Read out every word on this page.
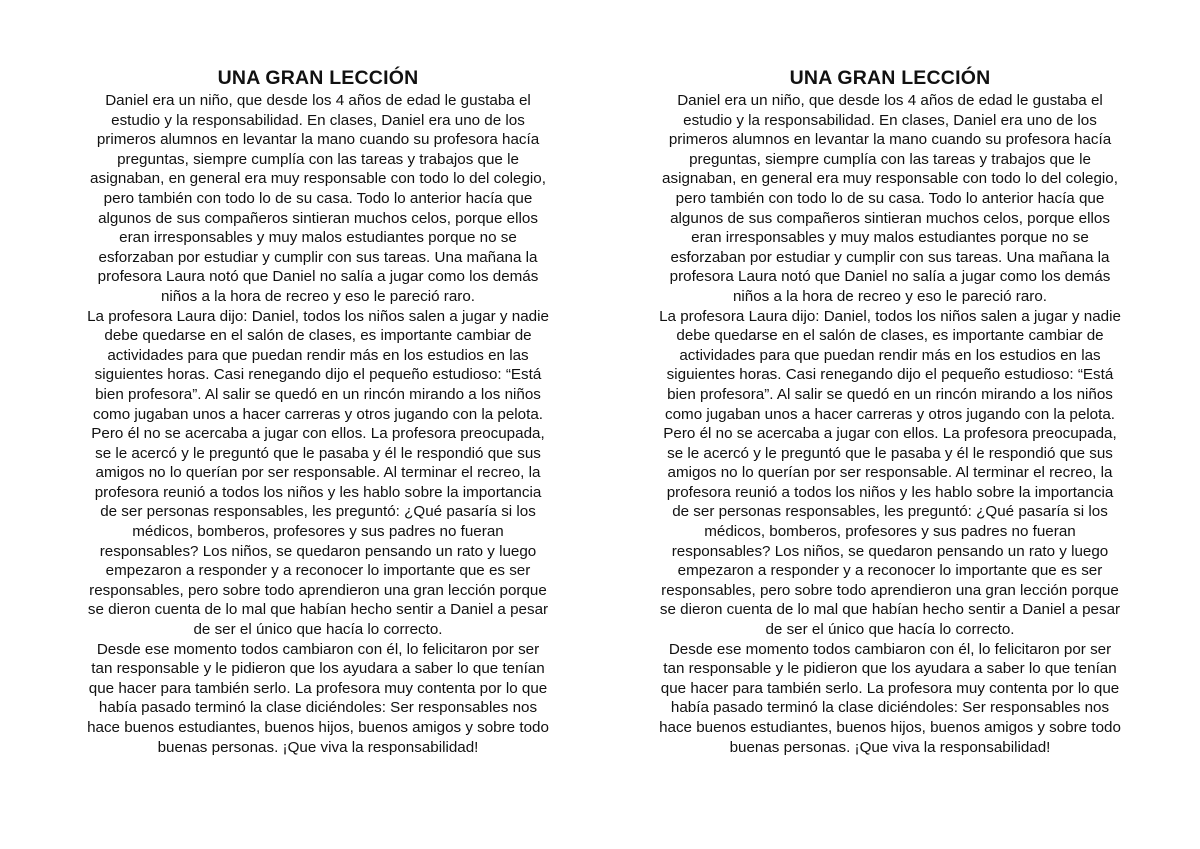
UNA GRAN LECCIÓN
Daniel era un niño, que desde los 4 años de edad le gustaba el
estudio y la responsabilidad. En clases, Daniel era uno de los
primeros alumnos en levantar la mano cuando su profesora hacía
preguntas, siempre cumplía con las tareas y trabajos que le
asignaban, en general era muy responsable con todo lo del colegio,
pero también con todo lo de su casa. Todo lo anterior hacía que
algunos de sus compañeros sintieran muchos celos, porque ellos
eran irresponsables y muy malos estudiantes porque no se
esforzaban por estudiar y cumplir con sus tareas. Una mañana la
profesora Laura notó que Daniel no salía a jugar como los demás
niños a la hora de recreo y eso le pareció raro.
La profesora Laura dijo: Daniel, todos los niños salen a jugar y nadie
debe quedarse en el salón de clases, es importante cambiar de
actividades para que puedan rendir más en los estudios en las
siguientes horas. Casi renegando dijo el pequeño estudioso: “Está
bien profesora”. Al salir se quedó en un rincón mirando a los niños
como jugaban unos a hacer carreras y otros jugando con la pelota.
Pero él no se acercaba a jugar con ellos. La profesora preocupada,
se le acercó y le preguntó que le pasaba y él le respondió que sus
amigos no lo querían por ser responsable. Al terminar el recreo, la
profesora reunió a todos los niños y les hablo sobre la importancia
de ser personas responsables, les preguntó: ¿Qué pasaría si los
médicos, bomberos, profesores y sus padres no fueran
responsables? Los niños, se quedaron pensando un rato y luego
empezaron a responder y a reconocer lo importante que es ser
responsables, pero sobre todo aprendieron una gran lección porque
se dieron cuenta de lo mal que habían hecho sentir a Daniel a pesar
de ser el único que hacía lo correcto.
Desde ese momento todos cambiaron con él, lo felicitaron por ser
tan responsable y le pidieron que los ayudara a saber lo que tenían
que hacer para también serlo. La profesora muy contenta por lo que
había pasado terminó la clase diciéndoles: Ser responsables nos
hace buenos estudiantes, buenos hijos, buenos amigos y sobre todo
buenas personas. ¡Que viva la responsabilidad!
UNA GRAN LECCIÓN
Daniel era un niño, que desde los 4 años de edad le gustaba el
estudio y la responsabilidad. En clases, Daniel era uno de los
primeros alumnos en levantar la mano cuando su profesora hacía
preguntas, siempre cumplía con las tareas y trabajos que le
asignaban, en general era muy responsable con todo lo del colegio,
pero también con todo lo de su casa. Todo lo anterior hacía que
algunos de sus compañeros sintieran muchos celos, porque ellos
eran irresponsables y muy malos estudiantes porque no se
esforzaban por estudiar y cumplir con sus tareas. Una mañana la
profesora Laura notó que Daniel no salía a jugar como los demás
niños a la hora de recreo y eso le pareció raro.
La profesora Laura dijo: Daniel, todos los niños salen a jugar y nadie
debe quedarse en el salón de clases, es importante cambiar de
actividades para que puedan rendir más en los estudios en las
siguientes horas. Casi renegando dijo el pequeño estudioso: “Está
bien profesora”. Al salir se quedó en un rincón mirando a los niños
como jugaban unos a hacer carreras y otros jugando con la pelota.
Pero él no se acercaba a jugar con ellos. La profesora preocupada,
se le acercó y le preguntó que le pasaba y él le respondió que sus
amigos no lo querían por ser responsable. Al terminar el recreo, la
profesora reunió a todos los niños y les hablo sobre la importancia
de ser personas responsables, les preguntó: ¿Qué pasaría si los
médicos, bomberos, profesores y sus padres no fueran
responsables? Los niños, se quedaron pensando un rato y luego
empezaron a responder y a reconocer lo importante que es ser
responsables, pero sobre todo aprendieron una gran lección porque
se dieron cuenta de lo mal que habían hecho sentir a Daniel a pesar
de ser el único que hacía lo correcto.
Desde ese momento todos cambiaron con él, lo felicitaron por ser
tan responsable y le pidieron que los ayudara a saber lo que tenían
que hacer para también serlo. La profesora muy contenta por lo que
había pasado terminó la clase diciéndoles: Ser responsables nos
hace buenos estudiantes, buenos hijos, buenos amigos y sobre todo
buenas personas. ¡Que viva la responsabilidad!
